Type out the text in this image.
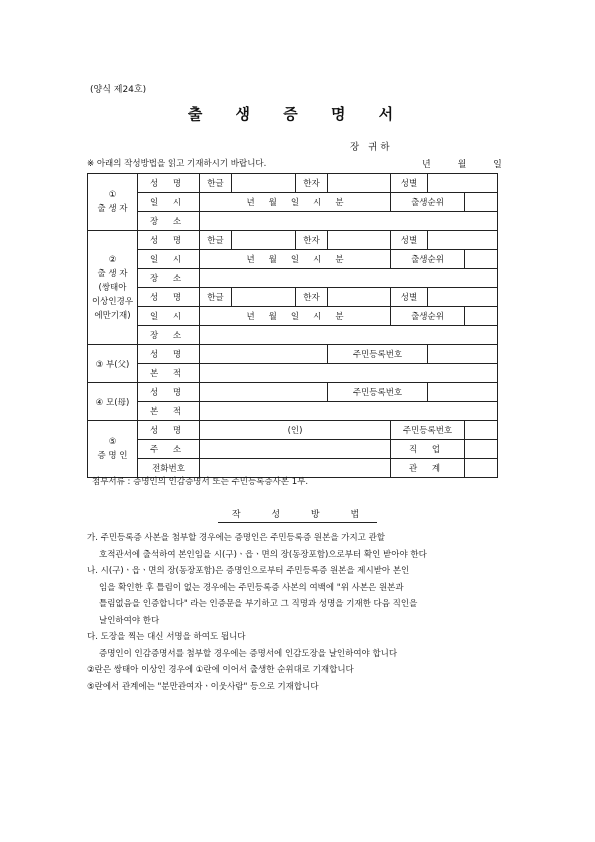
(양식 제24호)
출 생 증 명 서
장 귀하
※ 아래의 작성방법을 읽고 기재하시기 바랍니다.	년	월	일
①
출 생 자	성 명	한글		한자		성별		
	일 시	년 월 일 시 분				출생순위		
	장 소							

②
출 생 자
(쌍태아
이상인경우
에만기재)	성 명	한글		한자		성별		
	일 시	년 월 일 시 분				출생순위		
	장 소							
	성 명	한글		한자		성별		
	일 시	년 월 일 시 분				출생순위		
	장 소							
③ 부(父)	성 명				주민등록번호			
	본 적							
④ 모(母)	성 명				주민등록번호			
	본 적							

⑤
증 명 인	성 명	(인)				주민등록번호		
	주 소					직 업		
	전화번호					관 계		
첨부서류 : 증명인의 인감증명서 또는 주민등록증사본 1부.
작 성 방 법

가. 주민등록증 사본을 첨부할 경우에는 증명인은 주민등록증 원본을 가지고 관할

호적관서에 출석하여 본인임을 시(구)ㆍ읍ㆍ면의 장(동장포함)으로부터 확인 받아야 한다

나. 시(구)ㆍ읍ㆍ면의 장(동장포함)은 증명인으로부터 주민등록증 원본을 제시받아 본인

임을 확인한 후 틀림이 없는 경우에는 주민등록증 사본의 여백에 "위 사본은 원본과

틀림없음을 인증합니다" 라는 인증문을 부기하고 그 직명과 성명을 기재한 다음 직인을

날인하여야 한다

다. 도장을 찍는 대신 서명을 하여도 됩니다

증명인이 인감증명서를 첨부할 경우에는 증명서에 인감도장을 날인하여야 합니다

②란은 쌍태아 이상인 경우에 ①란에 이어서 출생한 순위대로 기재합니다

⑤란에서 관계에는 "분만관여자ㆍ이웃사람" 등으로 기재합니다
